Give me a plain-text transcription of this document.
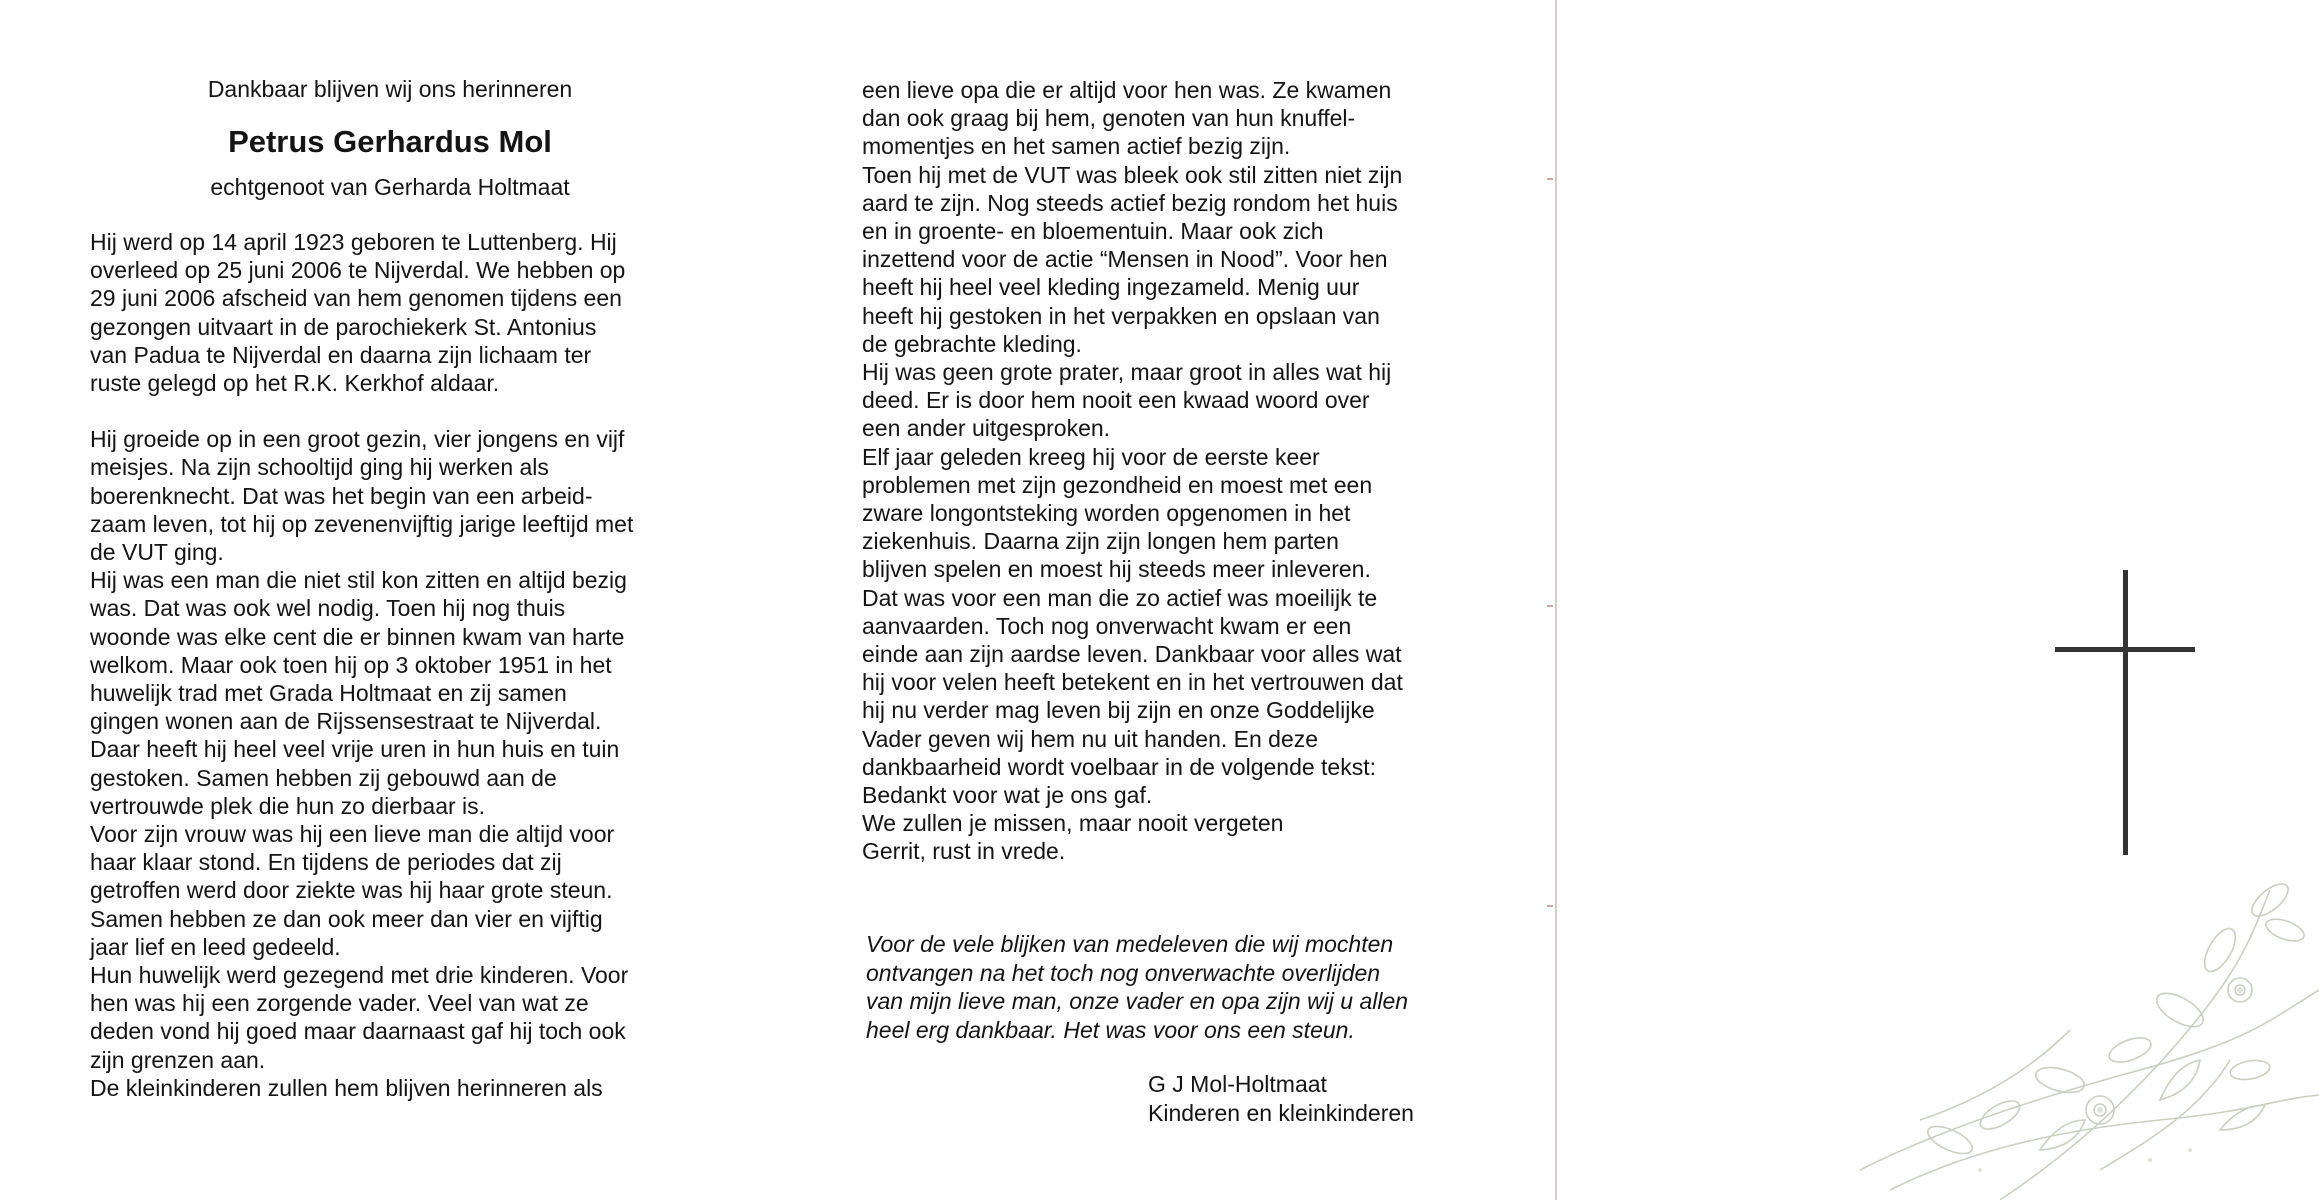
Dankbaar blijven wij ons herinneren

Petrus Gerhardus Mol

echtgenoot van Gerharda Holtmaat

Hij werd op 14 april 1923 geboren te Luttenberg. Hij

overleed op 25 juni 2006 te Nijverdal. We hebben op

29 juni 2006 afscheid van hem genomen tijdens een

gezongen uitvaart in de parochiekerk St. Antonius

van Padua te Nijverdal en daarna zijn lichaam ter

ruste gelegd op het R.K. Kerkhof aldaar.

Hij groeide op in een groot gezin, vier jongens en vijf

meisjes. Na zijn schooltijd ging hij werken als

boerenknecht. Dat was het begin van een arbeid-

zaam leven, tot hij op zevenenvijftig jarige leeftijd met

de VUT ging.

Hij was een man die niet stil kon zitten en altijd bezig

was. Dat was ook wel nodig. Toen hij nog thuis

woonde was elke cent die er binnen kwam van harte

welkom. Maar ook toen hij op 3 oktober 1951 in het

huwelijk trad met Grada Holtmaat en zij samen

gingen wonen aan de Rijssensestraat te Nijverdal.

Daar heeft hij heel veel vrije uren in hun huis en tuin

gestoken. Samen hebben zij gebouwd aan de

vertrouwde plek die hun zo dierbaar is.

Voor zijn vrouw was hij een lieve man die altijd voor

haar klaar stond. En tijdens de periodes dat zij

getroffen werd door ziekte was hij haar grote steun.

Samen hebben ze dan ook meer dan vier en vijftig

jaar lief en leed gedeeld.

Hun huwelijk werd gezegend met drie kinderen. Voor

hen was hij een zorgende vader. Veel van wat ze

deden vond hij goed maar daarnaast gaf hij toch ook

zijn grenzen aan.

De kleinkinderen zullen hem blijven herinneren als

een lieve opa die er altijd voor hen was. Ze kwamen

dan ook graag bij hem, genoten van hun knuffel-

momentjes en het samen actief bezig zijn.

Toen hij met de VUT was bleek ook stil zitten niet zijn

aard te zijn. Nog steeds actief bezig rondom het huis

en in groente- en bloementuin. Maar ook zich

inzettend voor de actie “Mensen in Nood”. Voor hen

heeft hij heel veel kleding ingezameld. Menig uur

heeft hij gestoken in het verpakken en opslaan van

de gebrachte kleding.

Hij was geen grote prater, maar groot in alles wat hij

deed. Er is door hem nooit een kwaad woord over

een ander uitgesproken.

Elf jaar geleden kreeg hij voor de eerste keer

problemen met zijn gezondheid en moest met een

zware longontsteking worden opgenomen in het

ziekenhuis. Daarna zijn zijn longen hem parten

blijven spelen en moest hij steeds meer inleveren.

Dat was voor een man die zo actief was moeilijk te

aanvaarden. Toch nog onverwacht kwam er een

einde aan zijn aardse leven. Dankbaar voor alles wat

hij voor velen heeft betekent en in het vertrouwen dat

hij nu verder mag leven bij zijn en onze Goddelijke

Vader geven wij hem nu uit handen. En deze

dankbaarheid wordt voelbaar in de volgende tekst:

Bedankt voor wat je ons gaf.

We zullen je missen, maar nooit vergeten

Gerrit, rust in vrede.

Voor de vele blijken van medeleven die wij mochten

ontvangen na het toch nog onverwachte overlijden

van mijn lieve man, onze vader en opa zijn wij u allen

heel erg dankbaar. Het was voor ons een steun.

G J Mol-Holtmaat

Kinderen en kleinkinderen
